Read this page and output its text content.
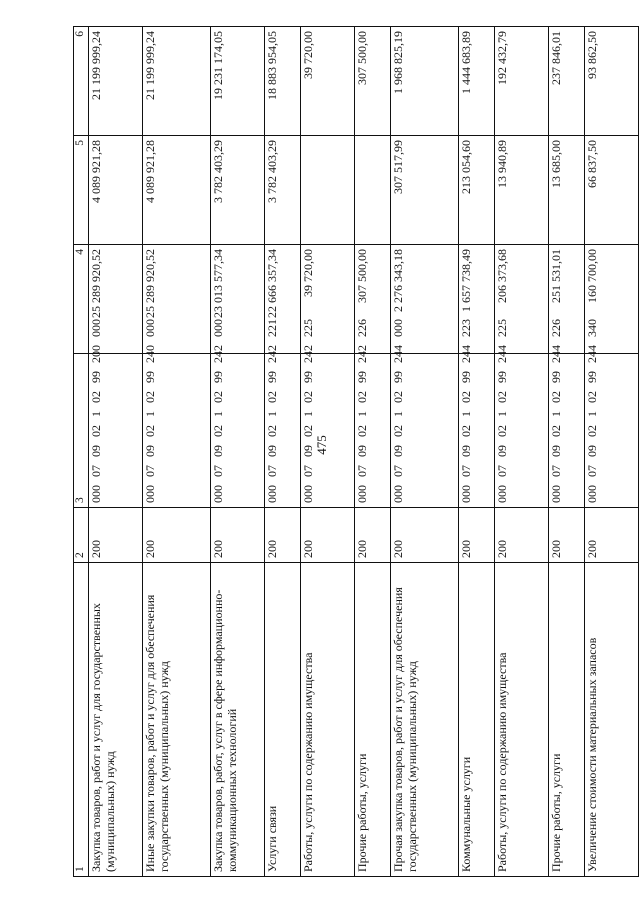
475
1	2	3	4	5	6
Закупка товаров, работ и услуг для государственных (муниципальных) нужд	200	00007090210299200000	25 289 920,52	4 089 921,28	21 199 999,24
Иные закупки товаров, работ и услуг для обеспечения государственных (муниципальных) нужд	200	00007090210299240000	25 289 920,52	4 089 921,28	21 199 999,24
Закупка товаров, работ, услуг в сфере информационно-коммуникационных технологий	200	00007090210299242000	23 013 577,34	3 782 403,29	19 231 174,05
Услуги связи	200	00007090210299242221	22 666 357,34	3 782 403,29	18 883 954,05
Работы, услуги по содержанию имущества	200	00007090210299242225	39 720,00		39 720,00
Прочие работы, услуги	200	00007090210299242226	307 500,00		307 500,00
Прочая закупка товаров, работ и услуг для обеспечения государственных (муниципальных) нужд	200	00007090210299244000	2 276 343,18	307 517,99	1 968 825,19
Коммунальные услуги	200	00007090210299244223	1 657 738,49	213 054,60	1 444 683,89
Работы, услуги по содержанию имущества	200	00007090210299244225	206 373,68	13 940,89	192 432,79
Прочие работы, услуги	200	00007090210299244226	251 531,01	13 685,00	237 846,01
Увеличение стоимости материальных запасов	200	00007090210299244340	160 700,00	66 837,50	93 862,50
